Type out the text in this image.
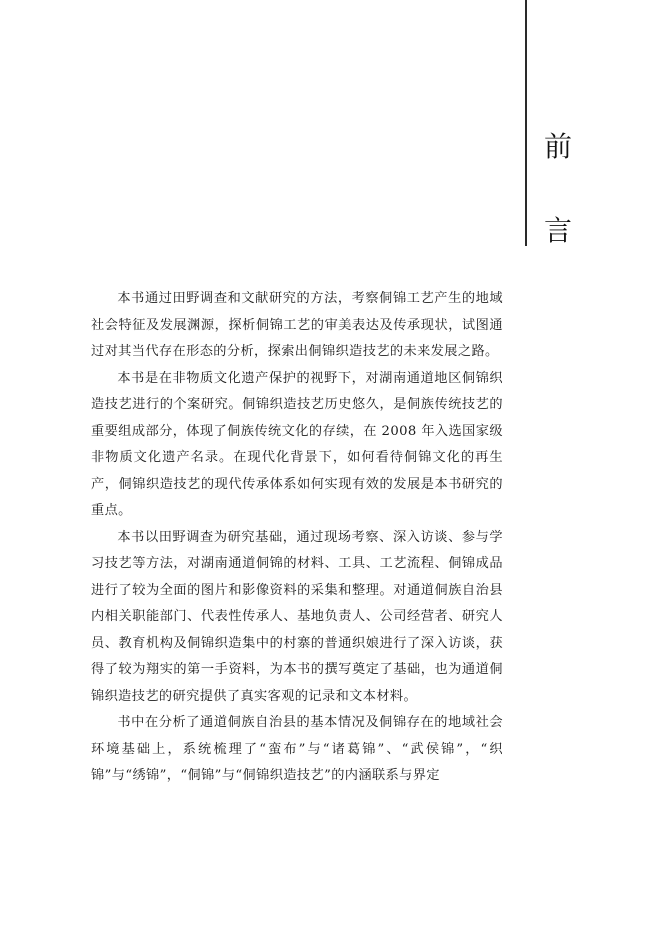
前
言

本书通过田野调查和文献研究的方法，考察侗锦工艺产生的地域社会特征及发展渊源，探析侗锦工艺的审美表达及传承现状，试图通过对其当代存在形态的分析，探索出侗锦织造技艺的未来发展之路。

本书是在非物质文化遗产保护的视野下，对湖南通道地区侗锦织造技艺进行的个案研究。侗锦织造技艺历史悠久，是侗族传统技艺的重要组成部分，体现了侗族传统文化的存续，在 2008 年入选国家级非物质文化遗产名录。在现代化背景下，如何看待侗锦文化的再生产，侗锦织造技艺的现代传承体系如何实现有效的发展是本书研究的重点。

本书以田野调查为研究基础，通过现场考察、深入访谈、参与学习技艺等方法，对湖南通道侗锦的材料、工具、工艺流程、侗锦成品进行了较为全面的图片和影像资料的采集和整理。对通道侗族自治县内相关职能部门、代表性传承人、基地负责人、公司经营者、研究人员、教育机构及侗锦织造集中的村寨的普通织娘进行了深入访谈，获得了较为翔实的第一手资料，为本书的撰写奠定了基础，也为通道侗锦织造技艺的研究提供了真实客观的记录和文本材料。

书中在分析了通道侗族自治县的基本情况及侗锦存在的地域社会环境基础上，系统梳理了“蛮布”与“诸葛锦”、“武侯锦”，“织锦”与“绣锦”，“侗锦”与“侗锦织造技艺”的内涵联系与界定
